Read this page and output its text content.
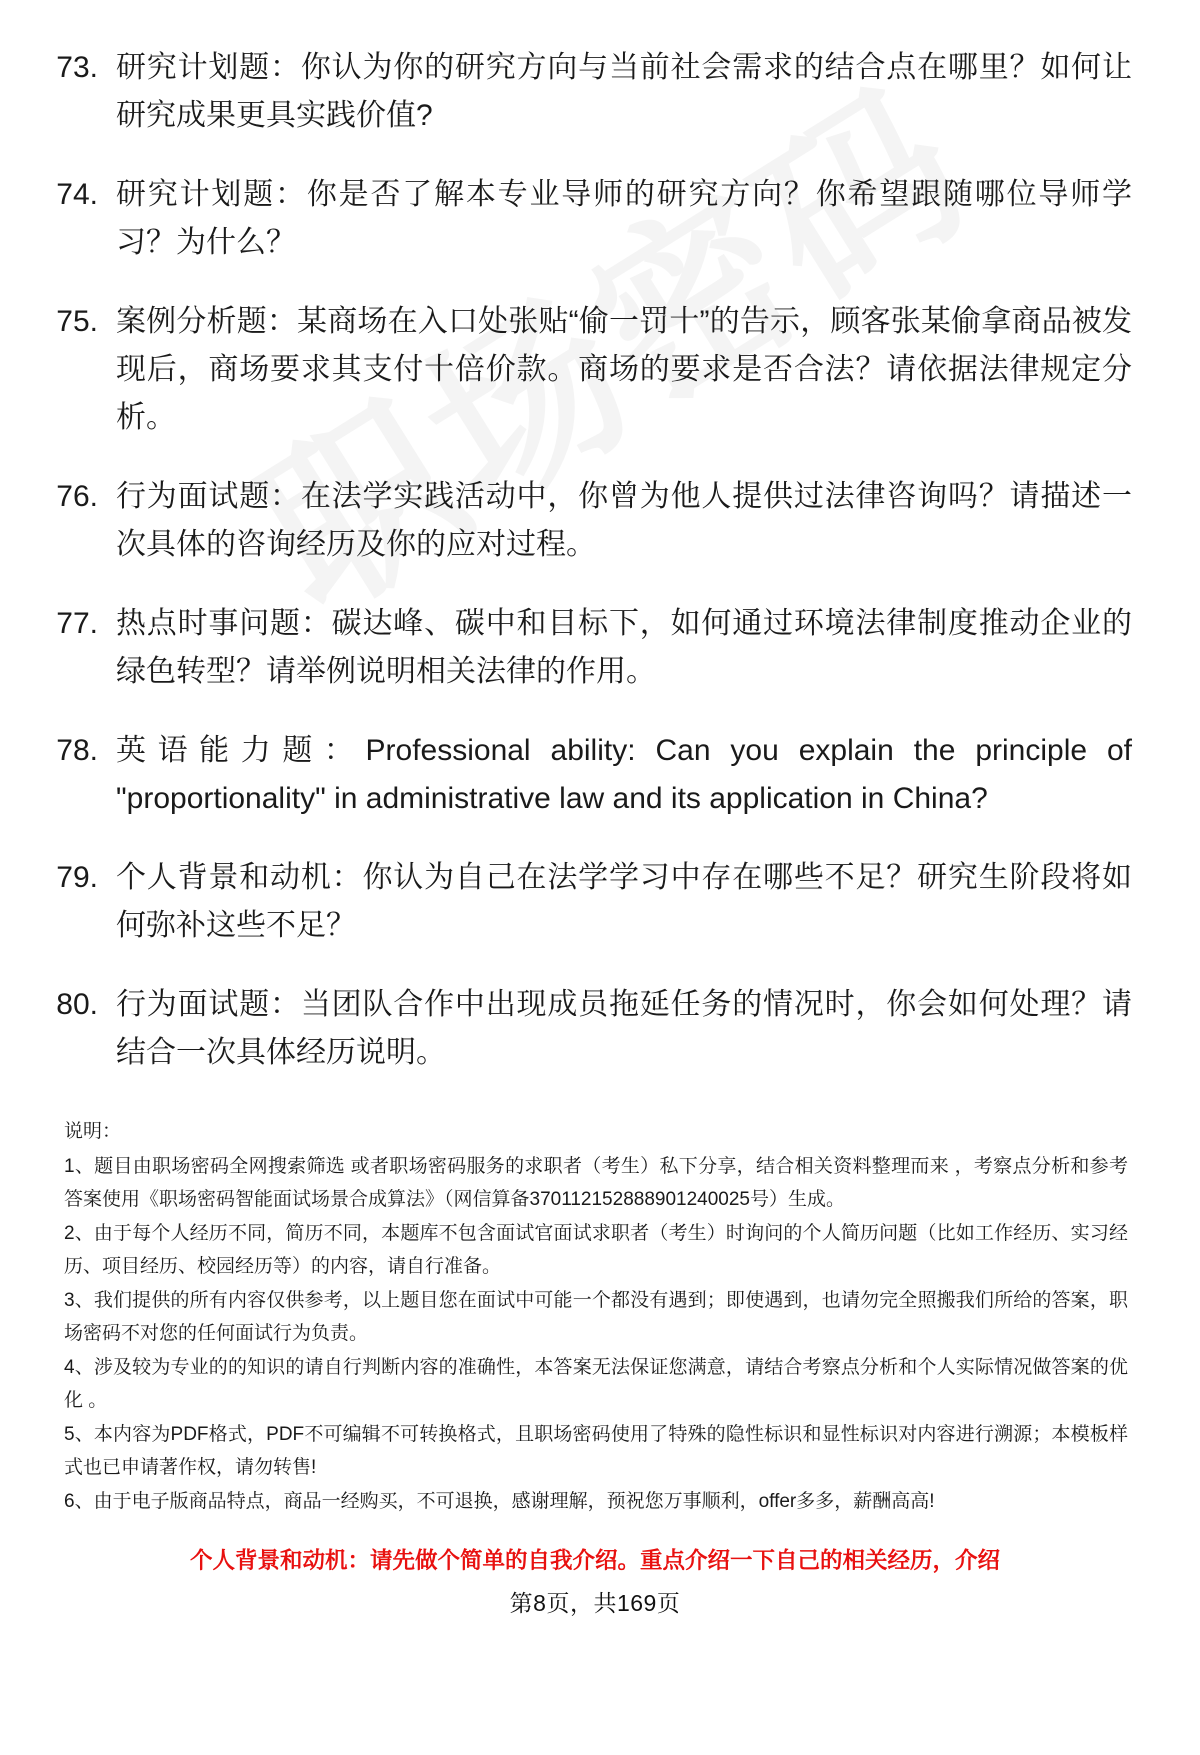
73. 研究计划题：你认为你的研究方向与当前社会需求的结合点在哪里？如何让研究成果更具实践价值?
74. 研究计划题：你是否了解本专业导师的研究方向？你希望跟随哪位导师学习？为什么？
75. 案例分析题：某商场在入口处张贴“偷一罚十”的告示，顾客张某偷拿商品被发现后，商场要求其支付十倍价款。商场的要求是否合法？请依据法律规定分析。
76. 行为面试题：在法学实践活动中，你曾为他人提供过法律咨询吗？请描述一次具体的咨询经历及你的应对过程。
77. 热点时事问题：碳达峰、碳中和目标下，如何通过环境法律制度推动企业的绿色转型？请举例说明相关法律的作用。
78. 英语能力题：Professional ability: Can you explain the principle of "proportionality" in administrative law and its application in China?
79. 个人背景和动机：你认为自己在法学学习中存在哪些不足？研究生阶段将如何弥补这些不足？
80. 行为面试题：当团队合作中出现成员拖延任务的情况时，你会如何处理？请结合一次具体经历说明。
说明：
1、题目由职场密码全网搜索筛选 或者职场密码服务的求职者（考生）私下分享，结合相关资料整理而来 ，考察点分析和参考答案使用《职场密码智能面试场景合成算法》（网信算备370112152888901240025号）生成。
2、由于每个人经历不同，简历不同，本题库不包含面试官面试求职者（考生）时询问的个人简历问题（比如工作经历、实习经历、项目经历、校园经历等）的内容，请自行准备。
3、我们提供的所有内容仅供参考，以上题目您在面试中可能一个都没有遇到；即使遇到，也请勿完全照搬我们所给的答案，职场密码不对您的任何面试行为负责。
4、涉及较为专业的的知识的请自行判断内容的准确性，本答案无法保证您满意，请结合考察点分析和个人实际情况做答案的优化 。
5、本内容为PDF格式，PDF不可编辑不可转换格式，且职场密码使用了特殊的隐性标识和显性标识对内容进行溯源；本模板样式也已申请著作权，请勿转售!
6、由于电子版商品特点，商品一经购买，不可退换，感谢理解，预祝您万事顺利，offer多多，薪酬高高!
个人背景和动机：请先做个简单的自我介绍。重点介绍一下自己的相关经历，介绍
第8页，共169页
